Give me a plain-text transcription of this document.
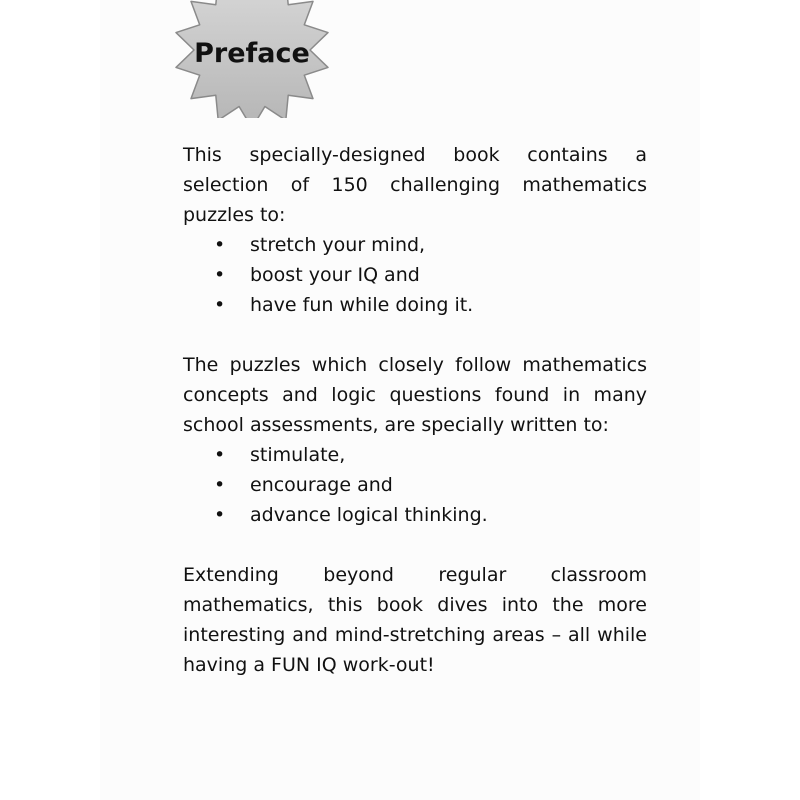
Preface

This specially-designed book contains a selection of 150 challenging mathematics puzzles to:

• stretch your mind,
• boost your IQ and
• have fun while doing it.

The puzzles which closely follow mathematics concepts and logic questions found in many school assessments, are specially written to:

• stimulate,
• encourage and
• advance logical thinking.

Extending beyond regular classroom mathematics, this book dives into the more interesting and mind-stretching areas – all while having a FUN IQ work-out!
